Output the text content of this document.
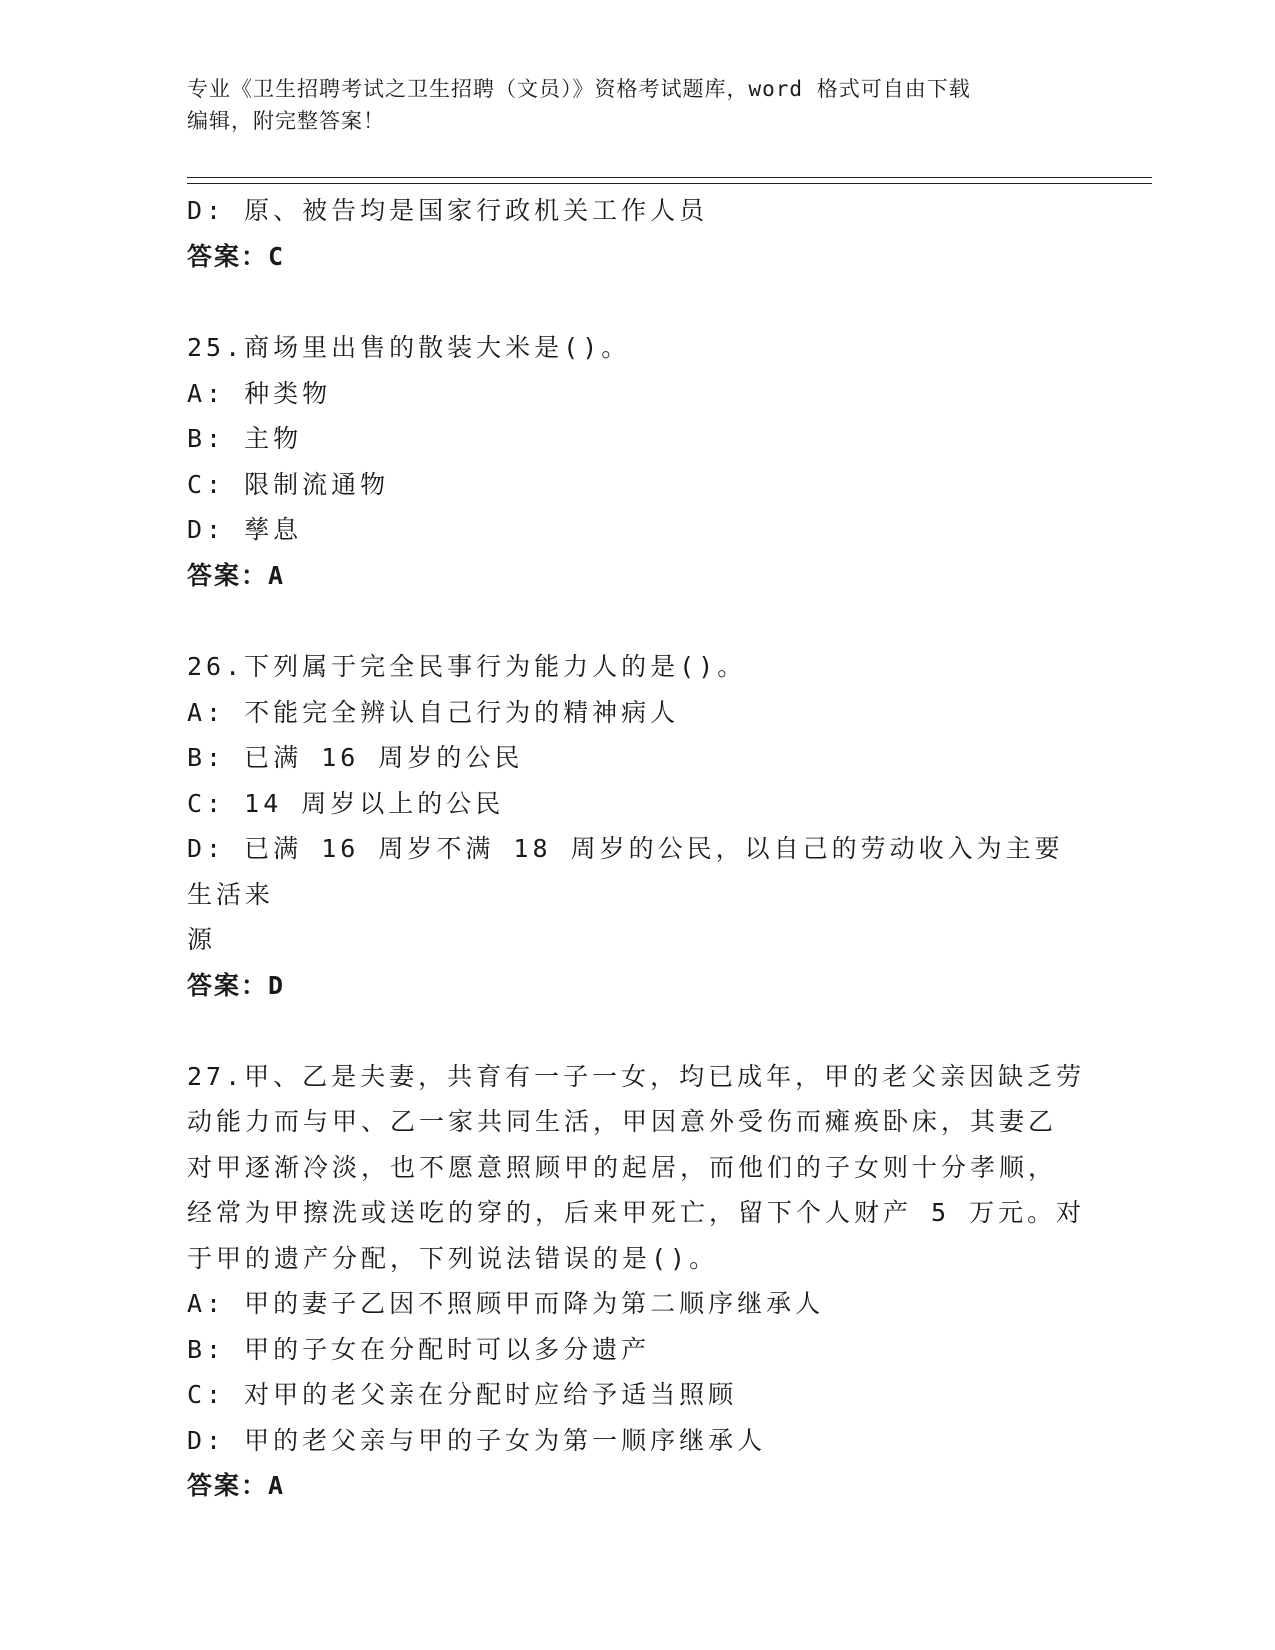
专业《卫生招聘考试之卫生招聘（文员）》资格考试题库，word 格式可自由下载

编辑，附完整答案！

D: 原、被告均是国家行政机关工作人员

答案：C

25.商场里出售的散装大米是()。

A: 种类物

B: 主物

C: 限制流通物

D: 孳息

答案：A

26.下列属于完全民事行为能力人的是()。

A: 不能完全辨认自己行为的精神病人

B: 已满 16 周岁的公民

C: 14 周岁以上的公民

D: 已满 16 周岁不满 18 周岁的公民，以自己的劳动收入为主要生活来

源

答案：D

27.甲、乙是夫妻，共育有一子一女，均已成年，甲的老父亲因缺乏劳

动能力而与甲、乙一家共同生活，甲因意外受伤而瘫痪卧床，其妻乙

对甲逐渐冷淡，也不愿意照顾甲的起居，而他们的子女则十分孝顺，

经常为甲擦洗或送吃的穿的，后来甲死亡，留下个人财产 5 万元。对

于甲的遗产分配，下列说法错误的是()。

A: 甲的妻子乙因不照顾甲而降为第二顺序继承人

B: 甲的子女在分配时可以多分遗产

C: 对甲的老父亲在分配时应给予适当照顾

D: 甲的老父亲与甲的子女为第一顺序继承人

答案：A
